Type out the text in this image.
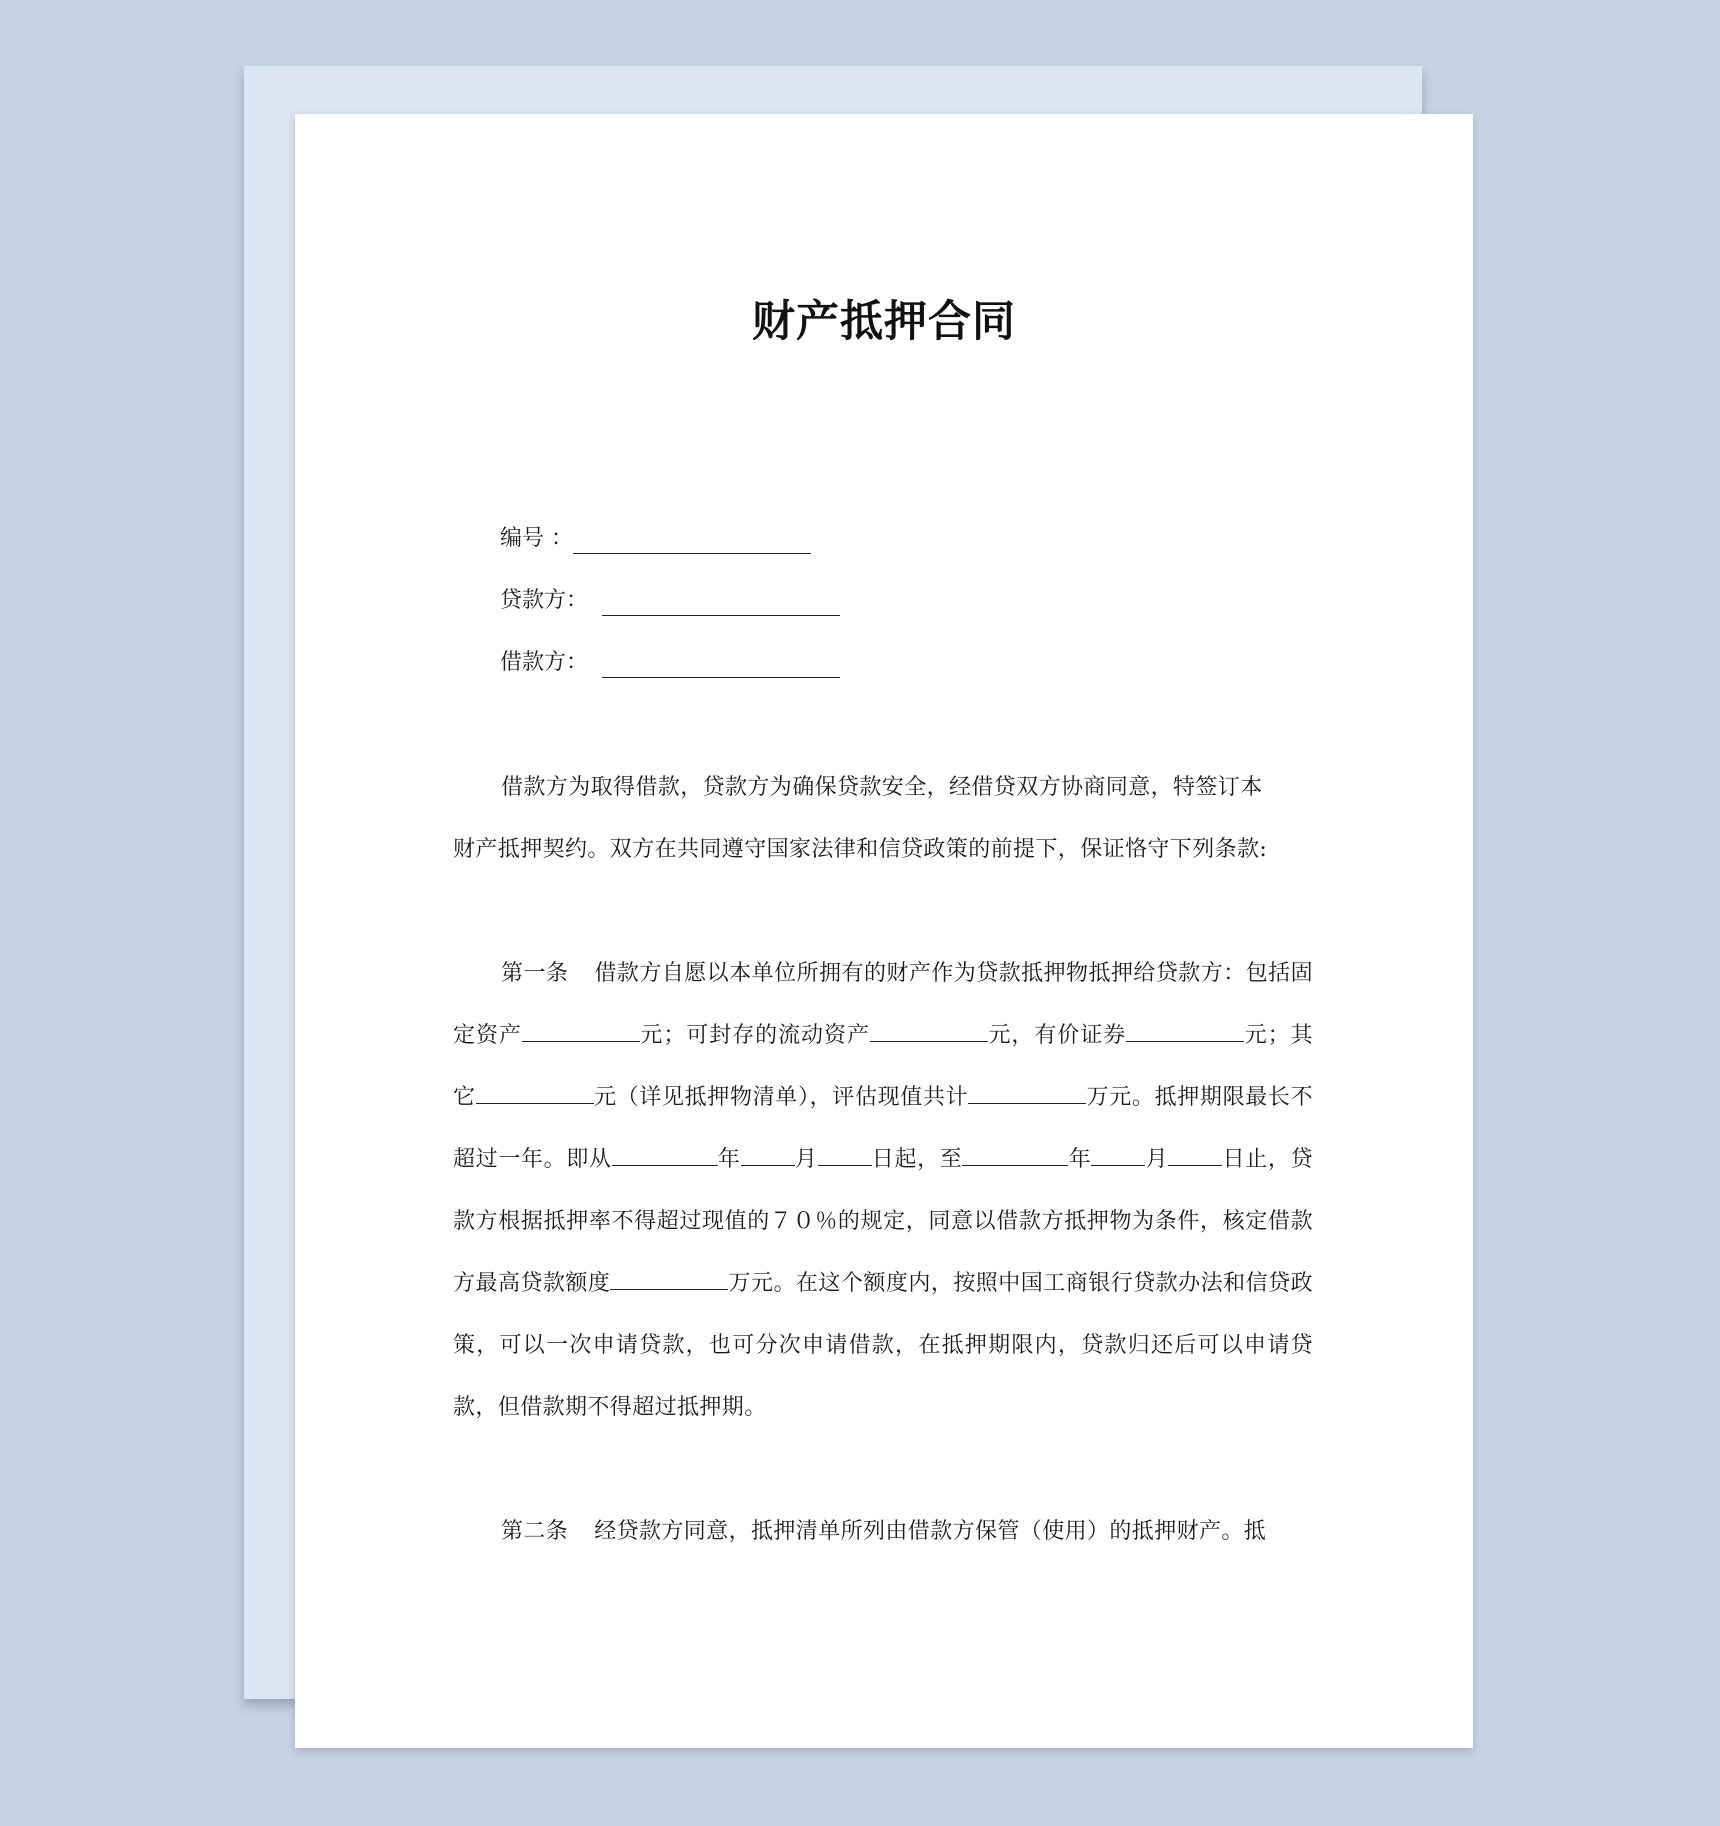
财产抵押合同
编号 ：
贷款方：
借款方：

借款方为取得借款，贷款方为确保贷款安全，经借贷双方协商同意，特签订本

财产抵押契约。双方在共同遵守国家法律和信贷政策的前提下，保证恪守下列条款:

第一条 借款方自愿以本单位所拥有的财产作为贷款抵押物抵押给贷款方：包括固定资产	元；可封存的流动资产	元，有价证券	元；其它	元（详见抵押物清单），评估现值共计	万元。抵押期限最长不超过一年。即从	年 月 日起，至	年 月 日止，贷款方根据抵押率不得超过现值的７０％的规定，同意以借款方抵押物为条件，核定借款方最高贷款额度	万元。在这个额度内，按照中国工商银行贷款办法和信贷政策，可以一次申请贷款，也可分次申请借款，在抵押期限内，贷款归还后可以申请贷款，但借款期不得超过抵押期。

第二条 经贷款方同意，抵押清单所列由借款方保管（使用）的抵押财产。抵
